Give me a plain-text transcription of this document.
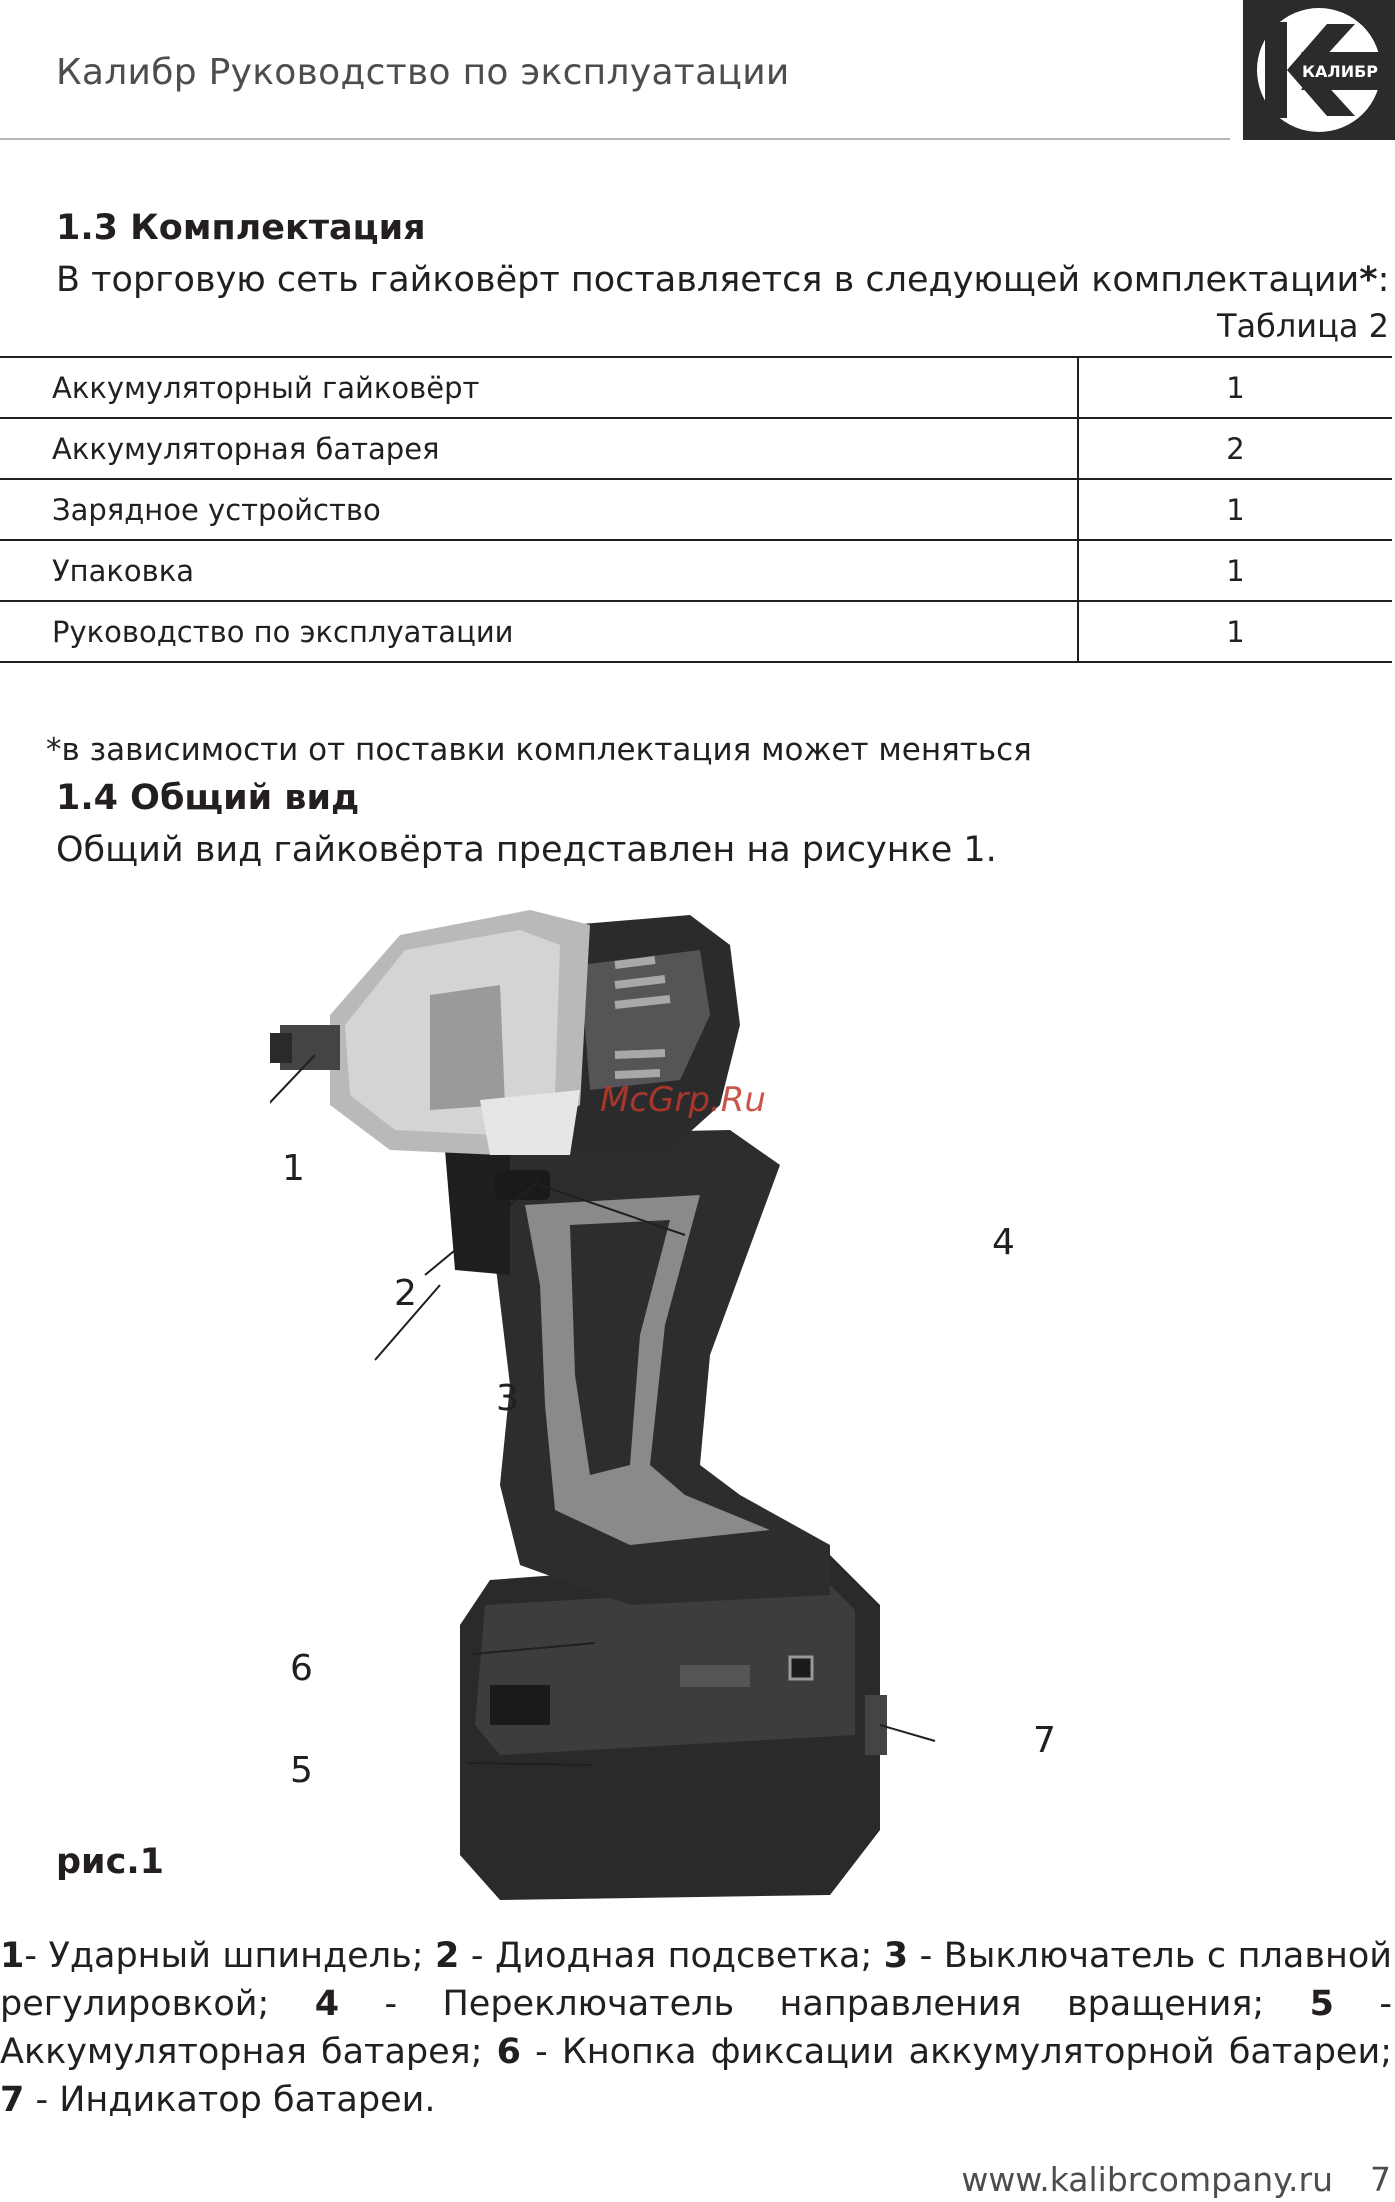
Калибр Руководство по эксплуатации	КАЛИБР
1.3 Комплектация
В торговую сеть гайковёрт поставляется в следующей комплектации*:
Таблица 2
Аккумуляторный гайковёрт	1
Аккумуляторная батарея	2
Зарядное устройство	1
Упаковка	1
Руководство по эксплуатации	1
*в зависимости от поставки комплектация может меняться
1.4 Общий вид
Общий вид гайковёрта представлен на рисунке 1.
McGrp.Ru
1
2
3
4
5
6
7
рис.1
1- Ударный шпиндель; 2 - Диодная подсветка; 3 - Выключатель с плавной регулировкой; 4 - Переключатель направления вращения; 5 - Аккумуляторная батарея; 6 - Кнопка фиксации аккумуляторной батареи; 7 - Индикатор батареи.
www.kalibrcompany.ru 7
